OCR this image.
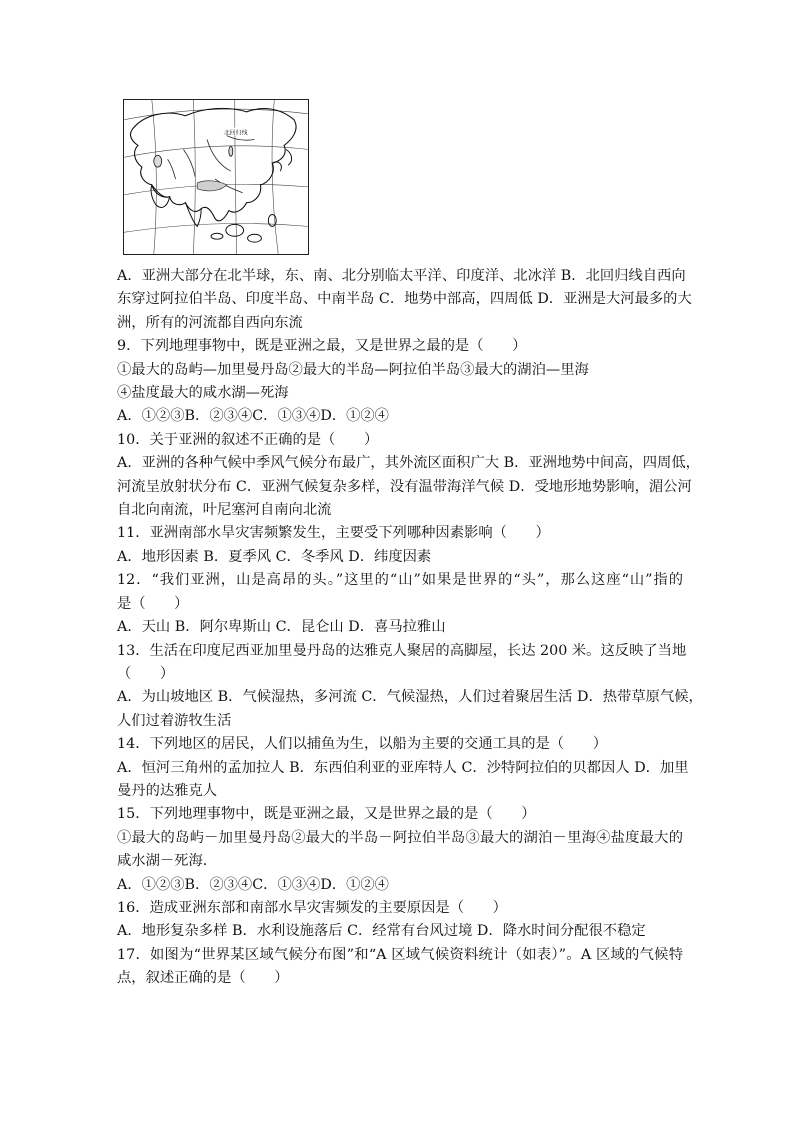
北回归线

A．亚洲大部分在北半球，东、南、北分别临太平洋、印度洋、北冰洋 B．北回归线自西向

东穿过阿拉伯半岛、印度半岛、中南半岛 C．地势中部高，四周低 D．亚洲是大河最多的大

洲，所有的河流都自西向东流

9．下列地理事物中，既是亚洲之最，又是世界之最的是（　　）

①最大的岛屿—加里曼丹岛②最大的半岛—阿拉伯半岛③最大的湖泊—里海

④盐度最大的咸水湖—死海

A．①②③B．②③④C．①③④D．①②④

10．关于亚洲的叙述不正确的是（　　）

A．亚洲的各种气候中季风气候分布最广，其外流区面积广大 B．亚洲地势中间高，四周低，

河流呈放射状分布 C．亚洲气候复杂多样，没有温带海洋气候 D．受地形地势影响，湄公河

自北向南流，叶尼塞河自南向北流

11．亚洲南部水旱灾害频繁发生，主要受下列哪种因素影响（　　）

A．地形因素 B．夏季风 C．冬季风 D．纬度因素

12．“我们亚洲，山是高昂的头。”这里的“山”如果是世界的“头”，那么这座“山”指的

是（　　）

A．天山 B．阿尔卑斯山 C．昆仑山 D．喜马拉雅山

13．生活在印度尼西亚加里曼丹岛的达雅克人聚居的高脚屋，长达 200 米。这反映了当地

（　　）

A．为山坡地区 B．气候湿热，多河流 C．气候湿热，人们过着聚居生活 D．热带草原气候，

人们过着游牧生活

14．下列地区的居民，人们以捕鱼为生，以船为主要的交通工具的是（　　）

A．恒河三角州的孟加拉人 B．东西伯利亚的亚库特人 C．沙特阿拉伯的贝都因人 D．加里

曼丹的达雅克人

15．下列地理事物中，既是亚洲之最，又是世界之最的是（　　）

①最大的岛屿－加里曼丹岛②最大的半岛－阿拉伯半岛③最大的湖泊－里海④盐度最大的

咸水湖－死海．

A．①②③B．②③④C．①③④D．①②④

16．造成亚洲东部和南部水旱灾害频发的主要原因是（　　）

A．地形复杂多样 B．水利设施落后 C．经常有台风过境 D．降水时间分配很不稳定

17．如图为“世界某区域气候分布图”和“A 区域气候资料统计（如表）”。A 区域的气候特

点，叙述正确的是（　　）
